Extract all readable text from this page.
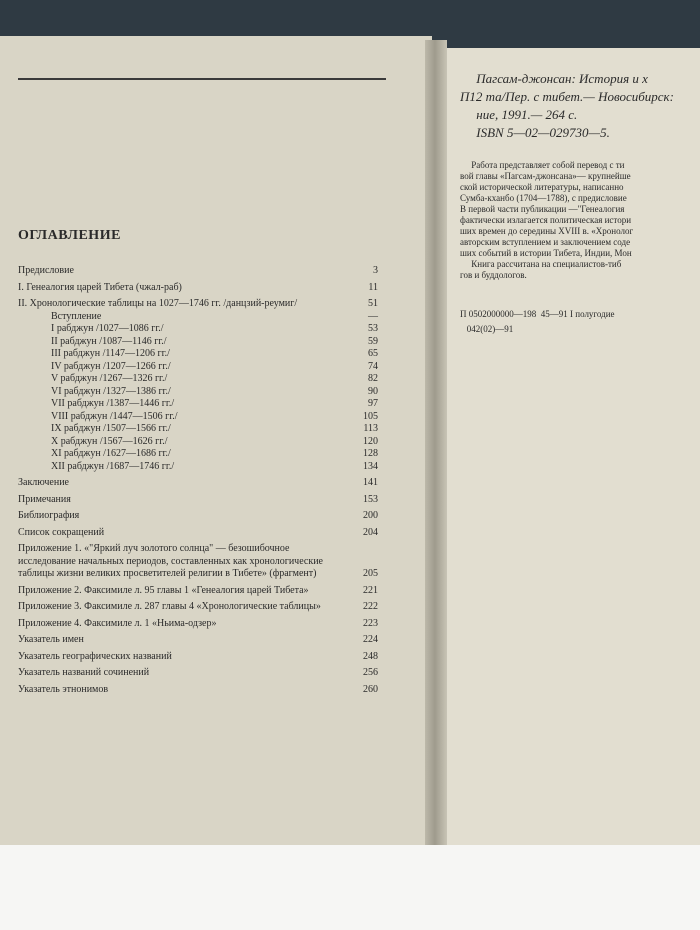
ОГЛАВЛЕНИЕ
Предисловие	3
I. Генеалогия царей Тибета (чжал-раб)	11
II. Хронологические таблицы на 1027—1746 гг. /данцзий-реумиг/	51
Вступление	—
I рабджун /1027—1086 гг./	53
II рабджун /1087—1146 гг./	59
III рабджун /1147—1206 гг./	65
IV рабджун /1207—1266 гг./	74
V рабджун /1267—1326 гг./	82
VI рабджун /1327—1386 гг./	90
VII рабджун /1387—1446 гг./	97
VIII рабджун /1447—1506 гг./	105
IX рабджун /1507—1566 гг./	113
X рабджун /1567—1626 гг./	120
XI рабджун /1627—1686 гг./	128
XII рабджун /1687—1746 гг./	134
Заключение	141
Примечания	153
Библиография	200
Список сокращений	204
Приложение 1. «"Яркий луч золотого солнца" — безошибочное исследование начальных периодов, составленных как хронологические таблицы жизни великих просветителей религии в Тибете» (фрагмент)	205
Приложение 2. Факсимиле л. 95 главы 1 «Генеалогия царей Тибета»	221
Приложение 3. Факсимиле л. 287 главы 4 «Хронологические таблицы»	222
Приложение 4. Факсимиле л. 1 «Ньима-одзер»	223
Указатель имен	224
Указатель географических названий	248
Указатель названий сочинений	256
Указатель этнонимов	260
Пагсам-джонсан: История и х
П12 та/Пер. с тибет.— Новосибирск:
ние, 1991.— 264 с.
ISBN 5—02—029730—5.
Работа представляет собой перевод с ти
вой главы «Пагсам-джонсана»— крупнейше
ской исторической литературы, написанно
Сумба-кханбо (1704—1788), с предисловие
В первой части публикации —"Генеалогия
фактически излагается политическая истори
ших времен до середины XVIII в. «Хронолог
авторским вступлением и заключением соде
ших событий в истории Тибета, Индии, Мон
Книга рассчитана на специалистов-тиб
гов и буддологов.
П 0502000000—198  45—91 I полугодие
042(02)—91
